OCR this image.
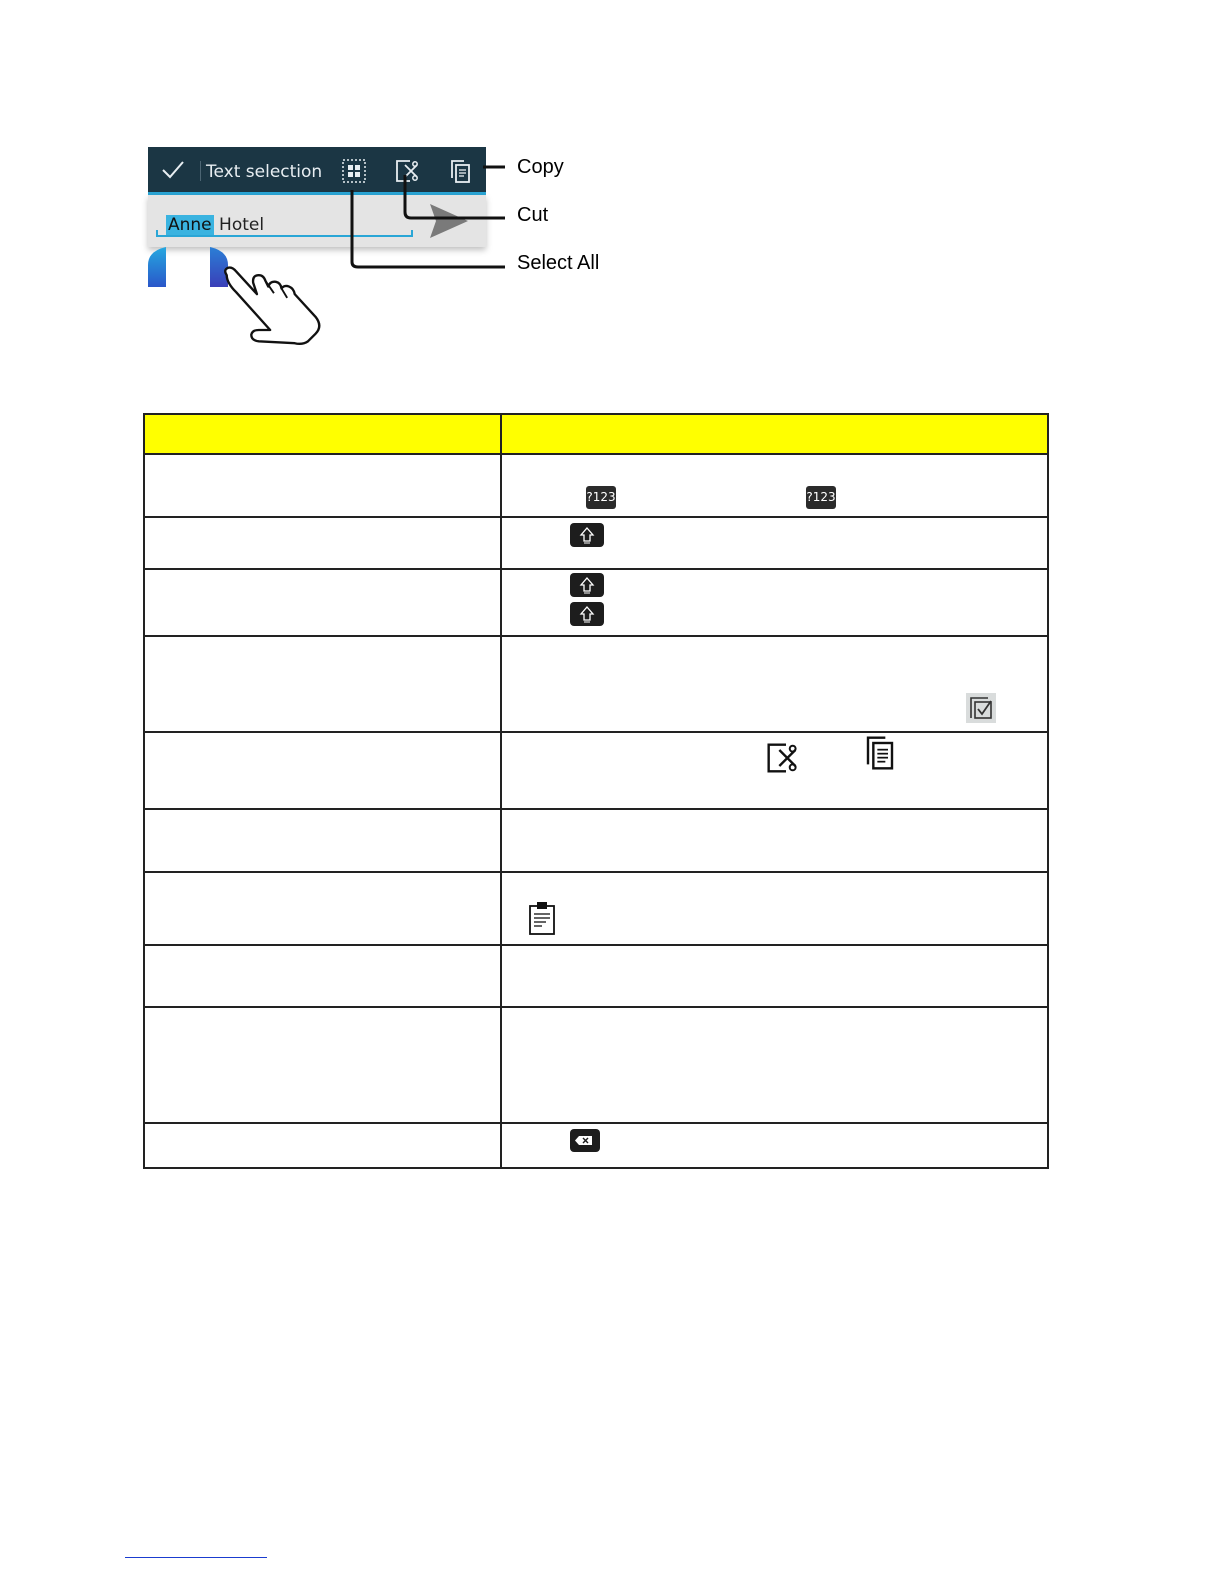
Text selection
Anne Hotel
Copy
Cut
Select All

	?123 ?123
